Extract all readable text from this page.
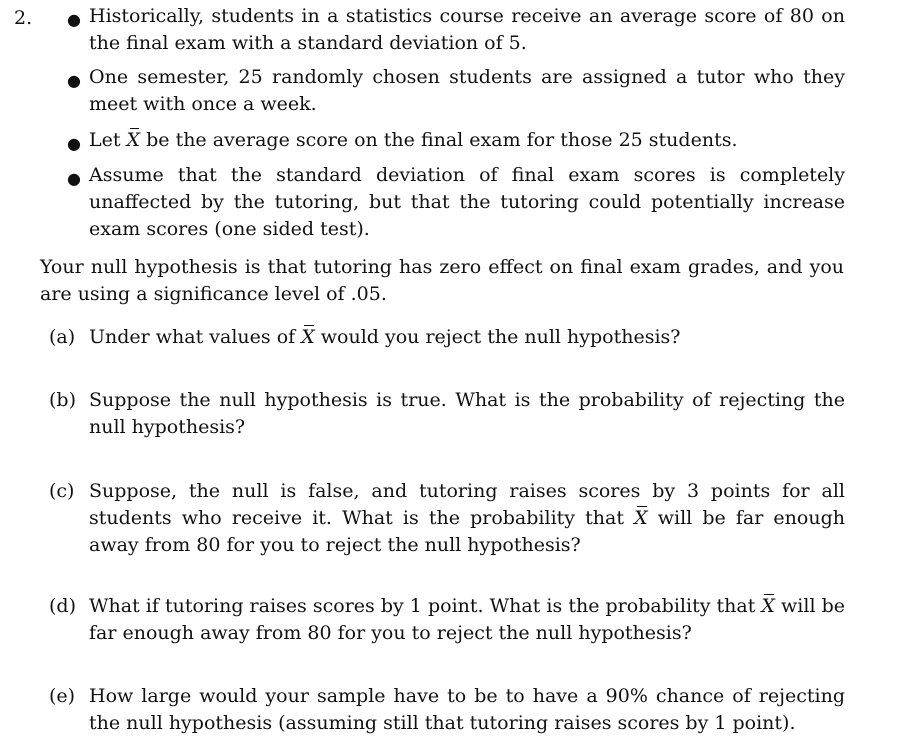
2. ● Historically, students in a statistics course receive an average score of 80 on the final exam with a standard deviation of 5.
● One semester, 25 randomly chosen students are assigned a tutor who they meet with once a week.
● Let X be the average score on the final exam for those 25 students.
● Assume that the standard deviation of final exam scores is completely unaffected by the tutoring, but that the tutoring could potentially increase exam scores (one sided test).
Your null hypothesis is that tutoring has zero effect on final exam grades, and you are using a significance level of .05.
(a) Under what values of X would you reject the null hypothesis?
(b) Suppose the null hypothesis is true. What is the probability of rejecting the null hypothesis?
(c) Suppose, the null is false, and tutoring raises scores by 3 points for all students who receive it. What is the probability that X will be far enough away from 80 for you to reject the null hypothesis?
(d) What if tutoring raises scores by 1 point. What is the probability that X will be far enough away from 80 for you to reject the null hypothesis?
(e) How large would your sample have to be to have a 90% chance of rejecting the null hypothesis (assuming still that tutoring raises scores by 1 point).
